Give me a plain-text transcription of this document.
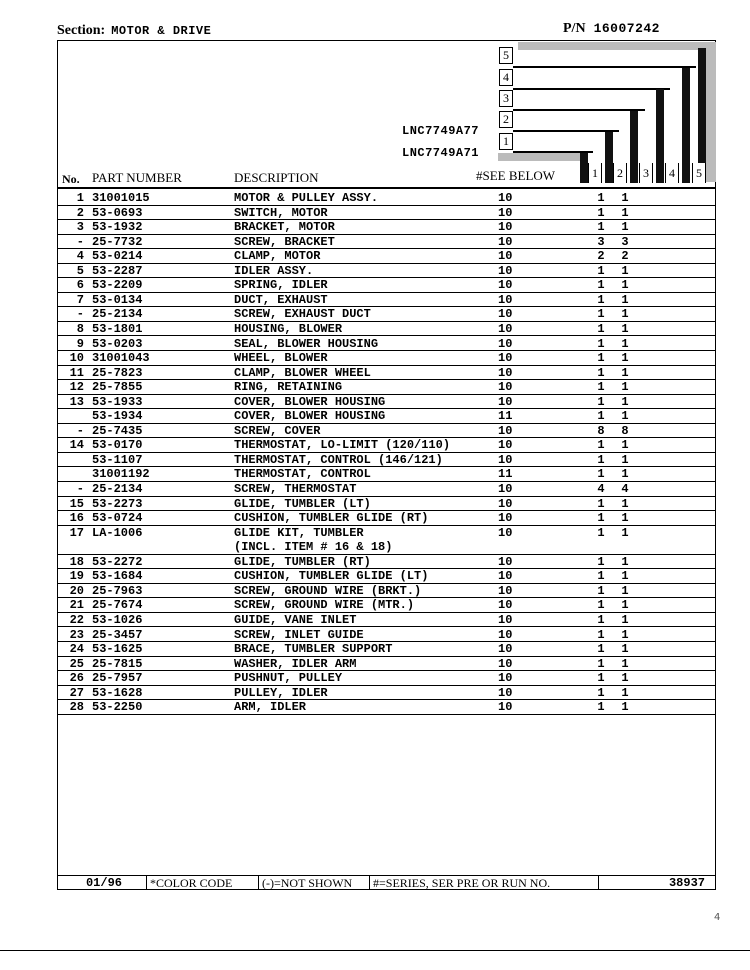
Section: MOTOR & DRIVE	P/N 16007242
5
4
3
2
1
LNC7749A77
LNC7749A71
1	2	3	4	5
No. PART NUMBER	DESCRIPTION	#SEE BELOW
1 31001015	MOTOR & PULLEY ASSY.	10	1 1
2 53-0693	SWITCH, MOTOR	10	1 1
3 53-1932	BRACKET, MOTOR	10	1 1
- 25-7732	SCREW, BRACKET	10	3 3
4 53-0214	CLAMP, MOTOR	10	2 2
5 53-2287	IDLER ASSY.	10	1 1
6 53-2209	SPRING, IDLER	10	1 1
7 53-0134	DUCT, EXHAUST	10	1 1
- 25-2134	SCREW, EXHAUST DUCT	10	1 1
8 53-1801	HOUSING, BLOWER	10	1 1
9 53-0203	SEAL, BLOWER HOUSING	10	1 1
10 31001043	WHEEL, BLOWER	10	1 1
11 25-7823	CLAMP, BLOWER WHEEL	10	1 1
12 25-7855	RING, RETAINING	10	1 1
13 53-1933	COVER, BLOWER HOUSING	10	1 1
53-1934	COVER, BLOWER HOUSING	11	1 1
- 25-7435	SCREW, COVER	10	8 8
14 53-0170	THERMOSTAT, LO-LIMIT (120/110)	10	1 1
53-1107	THERMOSTAT, CONTROL (146/121)	10	1 1
31001192	THERMOSTAT, CONTROL	11	1 1
- 25-2134	SCREW, THERMOSTAT	10	4 4
15 53-2273	GLIDE, TUMBLER (LT)	10	1 1
16 53-0724	CUSHION, TUMBLER GLIDE (RT)	10	1 1
17 LA-1006	GLIDE KIT, TUMBLER	10	1 1
(INCL. ITEM # 16 & 18)
18 53-2272	GLIDE, TUMBLER (RT)	10	1 1
19 53-1684	CUSHION, TUMBLER GLIDE (LT)	10	1 1
20 25-7963	SCREW, GROUND WIRE (BRKT.)	10	1 1
21 25-7674	SCREW, GROUND WIRE (MTR.)	10	1 1
22 53-1026	GUIDE, VANE INLET	10	1 1
23 25-3457	SCREW, INLET GUIDE	10	1 1
24 53-1625	BRACE, TUMBLER SUPPORT	10	1 1
25 25-7815	WASHER, IDLER ARM	10	1 1
26 25-7957	PUSHNUT, PULLEY	10	1 1
27 53-1628	PULLEY, IDLER	10	1 1
28 53-2250	ARM, IDLER	10	1 1
01/96	*COLOR CODE	(-)=NOT SHOWN	#=SERIES, SER PRE OR RUN NO.	38937
4
